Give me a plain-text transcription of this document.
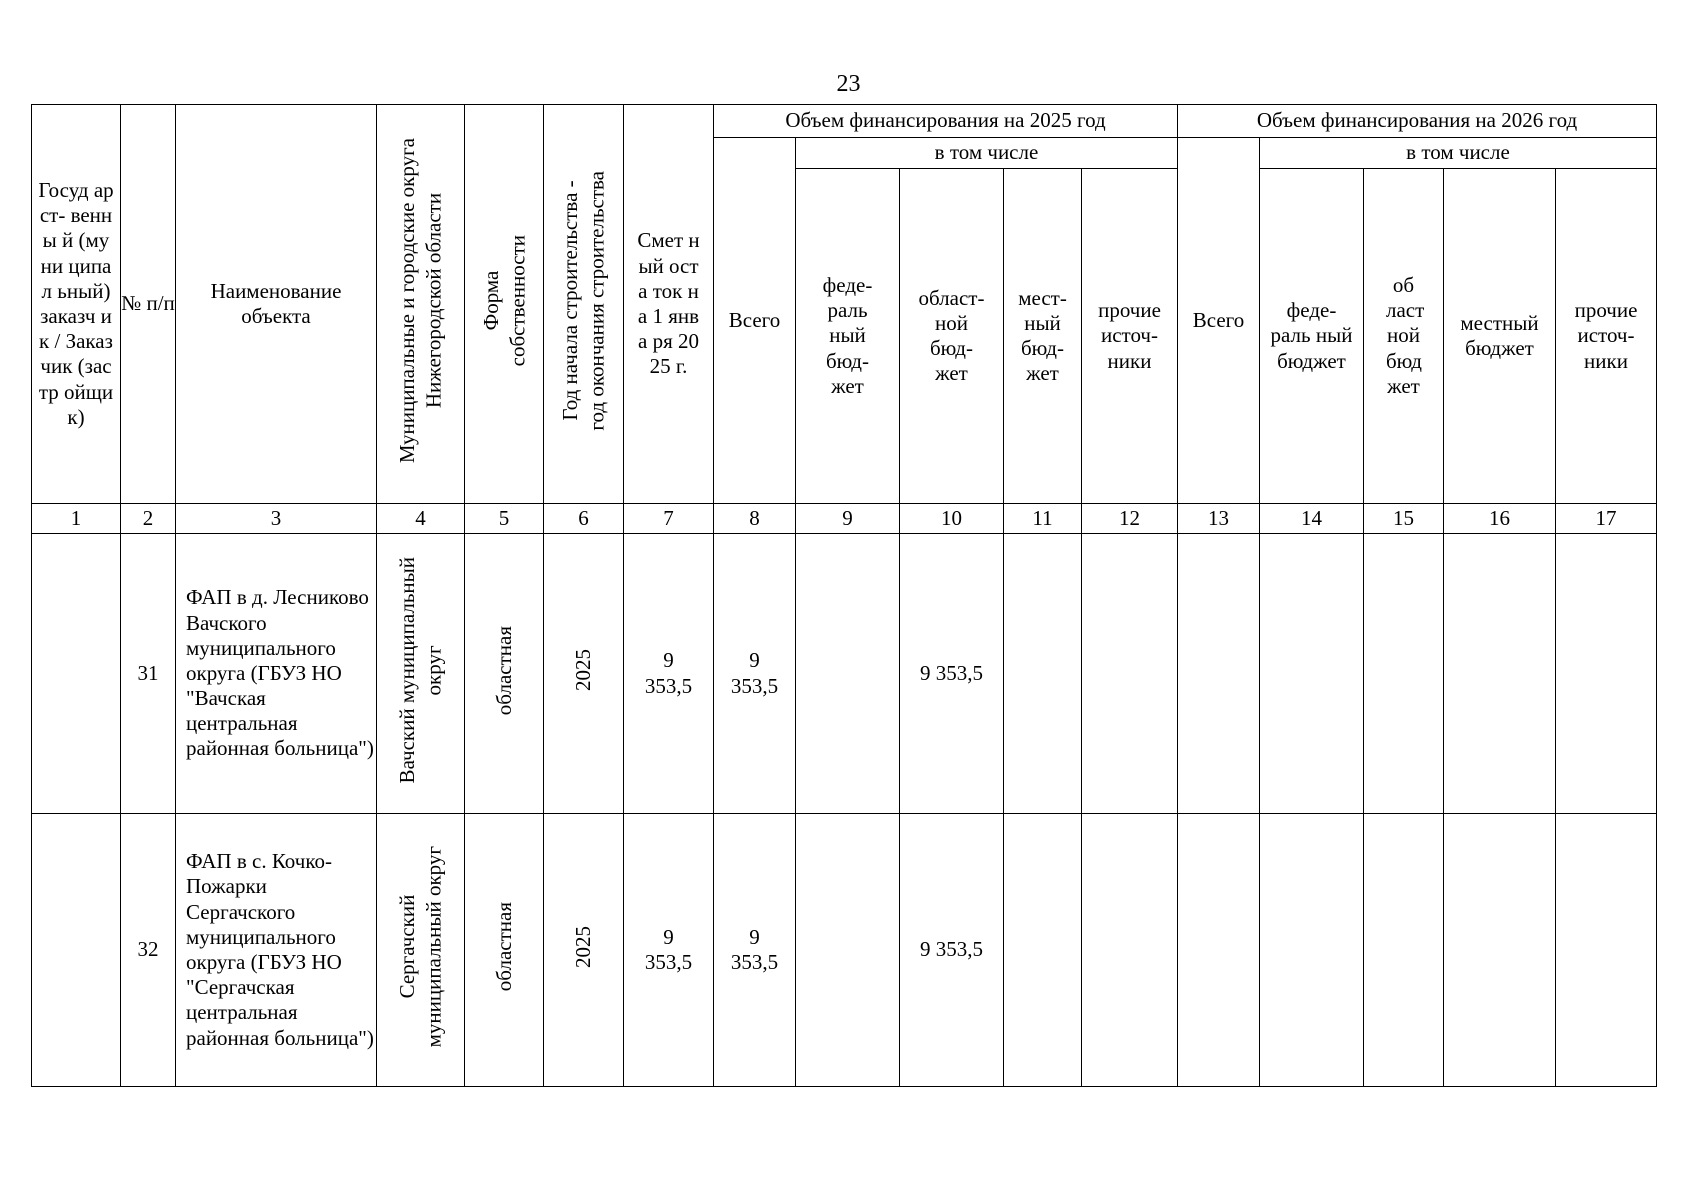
23
Госуд арст- венны й (муни ципал ьный) заказч ик / Заказ чик (застр ойщи к)	№ п/п	Наименование объекта	Муниципальные и городские округа Нижегородской области	Форма собственности	Год начала строительства - год окончания строительства	Смет ный оста ток на 1 янва ря 2025 г.	Объем финансирования на 2025 год					Объем финансирования на 2026 год				
							Всего	в том числе				Всего	в том числе			
								феде- раль ный бюд- жет	област- ной бюд- жет	мест- ный бюд- жет	прочие источ- ники		феде- раль ный бюджет	об ласт ной бюд жет	местный бюджет	прочие источ- ники
1	2	3	4	5	6	7	8	9	10	11	12	13	14	15	16	17
	31	ФАП в д. Лесниково Вачского муниципального округа (ГБУЗ НО "Вачская центральная районная больница")	Вачский муниципальный округ	областная	2025	9 353,5	9 353,5		9 353,5							
	32	ФАП в с. Кочко-Пожарки Сергачского муниципального округа (ГБУЗ НО "Сергачская центральная районная больница")	Сергачский муниципальный округ	областная	2025	9 353,5	9 353,5		9 353,5							
